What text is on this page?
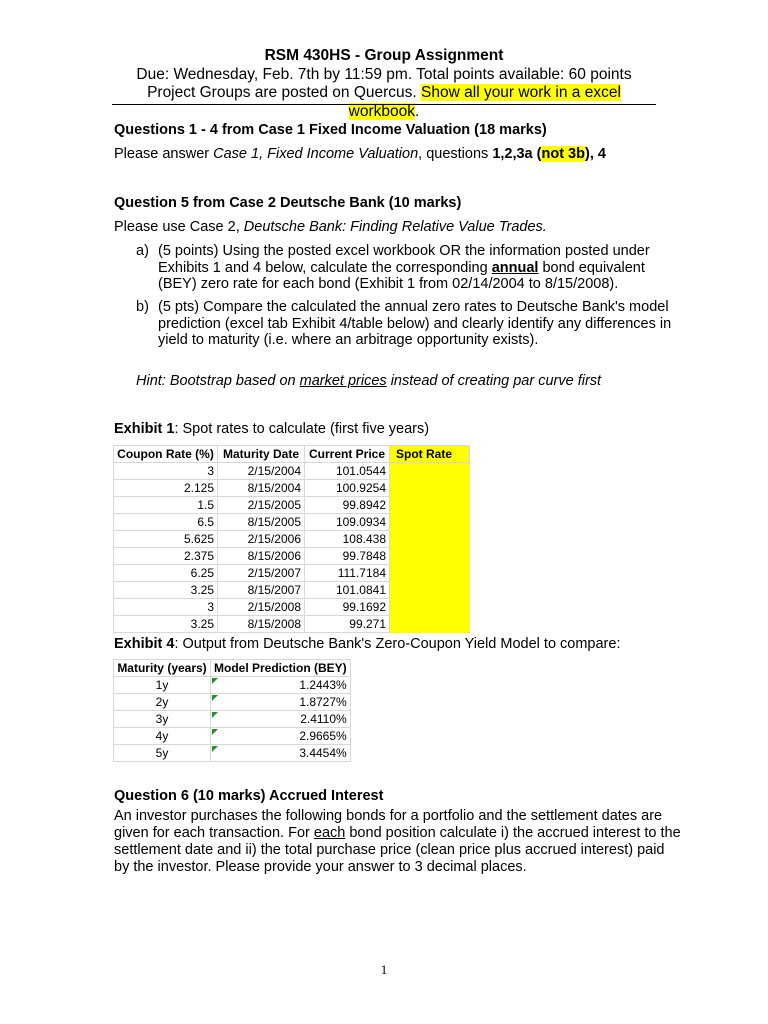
RSM 430HS - Group Assignment
Due: Wednesday, Feb. 7th by 11:59 pm. Total points available: 60 points
Project Groups are posted on Quercus. Show all your work in a excel workbook.
Questions 1 - 4 from Case 1 Fixed Income Valuation (18 marks)
Please answer Case 1, Fixed Income Valuation, questions 1,2,3a (not 3b), 4
Question 5 from Case 2 Deutsche Bank (10 marks)
Please use Case 2, Deutsche Bank: Finding Relative Value Trades.
a) (5 points) Using the posted excel workbook OR the information posted under
Exhibits 1 and 4 below, calculate the corresponding annual bond equivalent
(BEY) zero rate for each bond (Exhibit 1 from 02/14/2004 to 8/15/2008).
b) (5 pts) Compare the calculated the annual zero rates to Deutsche Bank's model
prediction (excel tab Exhibit 4/table below) and clearly identify any differences in
yield to maturity (i.e. where an arbitrage opportunity exists).
Hint: Bootstrap based on market prices instead of creating par curve first
Exhibit 1: Spot rates to calculate (first five years)
Coupon Rate (%)	Maturity Date	Current Price	Spot Rate
3	2/15/2004	101.0544	
2.125	8/15/2004	100.9254	
1.5	2/15/2005	99.8942	
6.5	8/15/2005	109.0934	
5.625	2/15/2006	108.438	
2.375	8/15/2006	99.7848	
6.25	2/15/2007	111.7184	
3.25	8/15/2007	101.0841	
3	2/15/2008	99.1692	
3.25	8/15/2008	99.271	
Exhibit 4: Output from Deutsche Bank's Zero-Coupon Yield Model to compare:
Maturity (years)	Model Prediction (BEY)
1y	1.2443%
2y	1.8727%
3y	2.4110%
4y	2.9665%
5y	3.4454%
Question 6 (10 marks) Accrued Interest
An investor purchases the following bonds for a portfolio and the settlement dates are
given for each transaction. For each bond position calculate i) the accrued interest to the
settlement date and ii) the total purchase price (clean price plus accrued interest) paid
by the investor. Please provide your answer to 3 decimal places.
1
